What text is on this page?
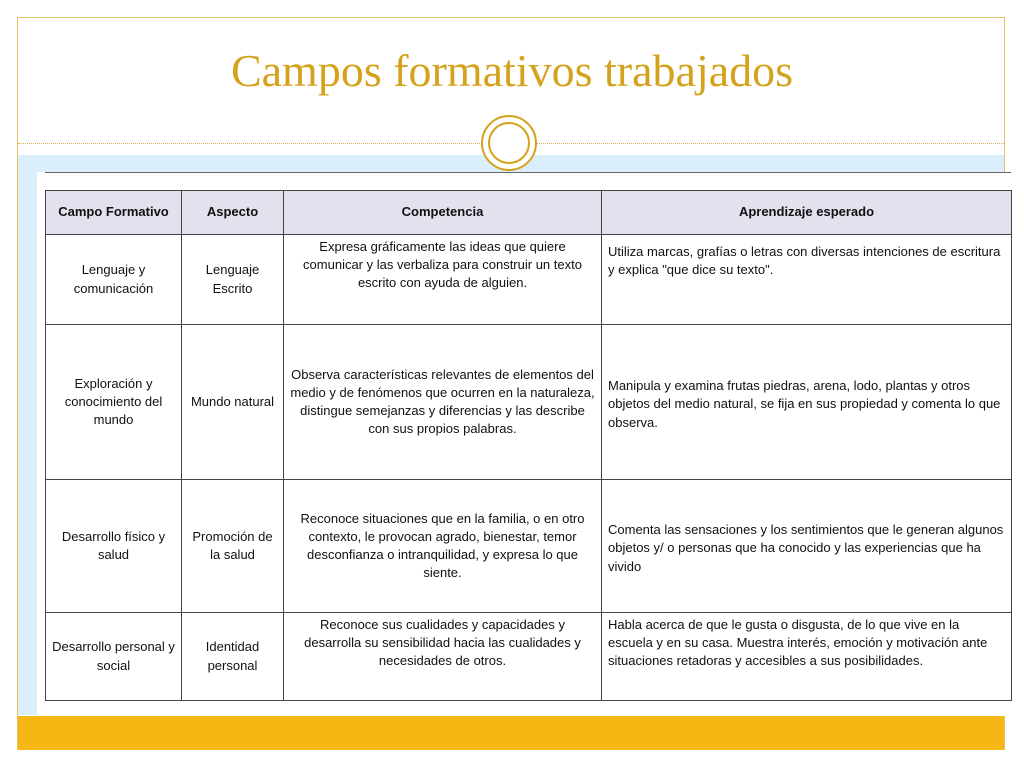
Campos formativos trabajados
Campo Formativo	Aspecto	Competencia	Aprendizaje esperado
Lenguaje y comunicación	Lenguaje Escrito	Expresa gráficamente las ideas que quiere comunicar y las verbaliza para construir un texto escrito con ayuda de alguien.	Utiliza marcas, grafías o letras con diversas intenciones de escritura y explica "que dice su texto".
Exploración y conocimiento del mundo	Mundo natural	Observa características relevantes de elementos del medio y de fenómenos que ocurren en la naturaleza, distingue semejanzas y diferencias y las describe con sus propios palabras.	Manipula y examina frutas piedras, arena, lodo, plantas y otros objetos del medio natural, se fija en sus propiedad y comenta lo que observa.
Desarrollo físico y salud	Promoción de la salud	Reconoce situaciones que en la familia, o en otro contexto, le provocan agrado, bienestar, temor desconfianza o intranquilidad, y expresa lo que siente.	Comenta las sensaciones y los sentimientos que le generan algunos objetos y/ o personas que ha conocido y las experiencias que ha vivido
Desarrollo personal y social	Identidad personal	Reconoce sus cualidades y capacidades y desarrolla su sensibilidad hacia las cualidades y necesidades de otros.	Habla acerca de que le gusta o disgusta, de lo que vive en la escuela y en su casa. Muestra interés, emoción y motivación ante situaciones retadoras y accesibles a sus posibilidades.
